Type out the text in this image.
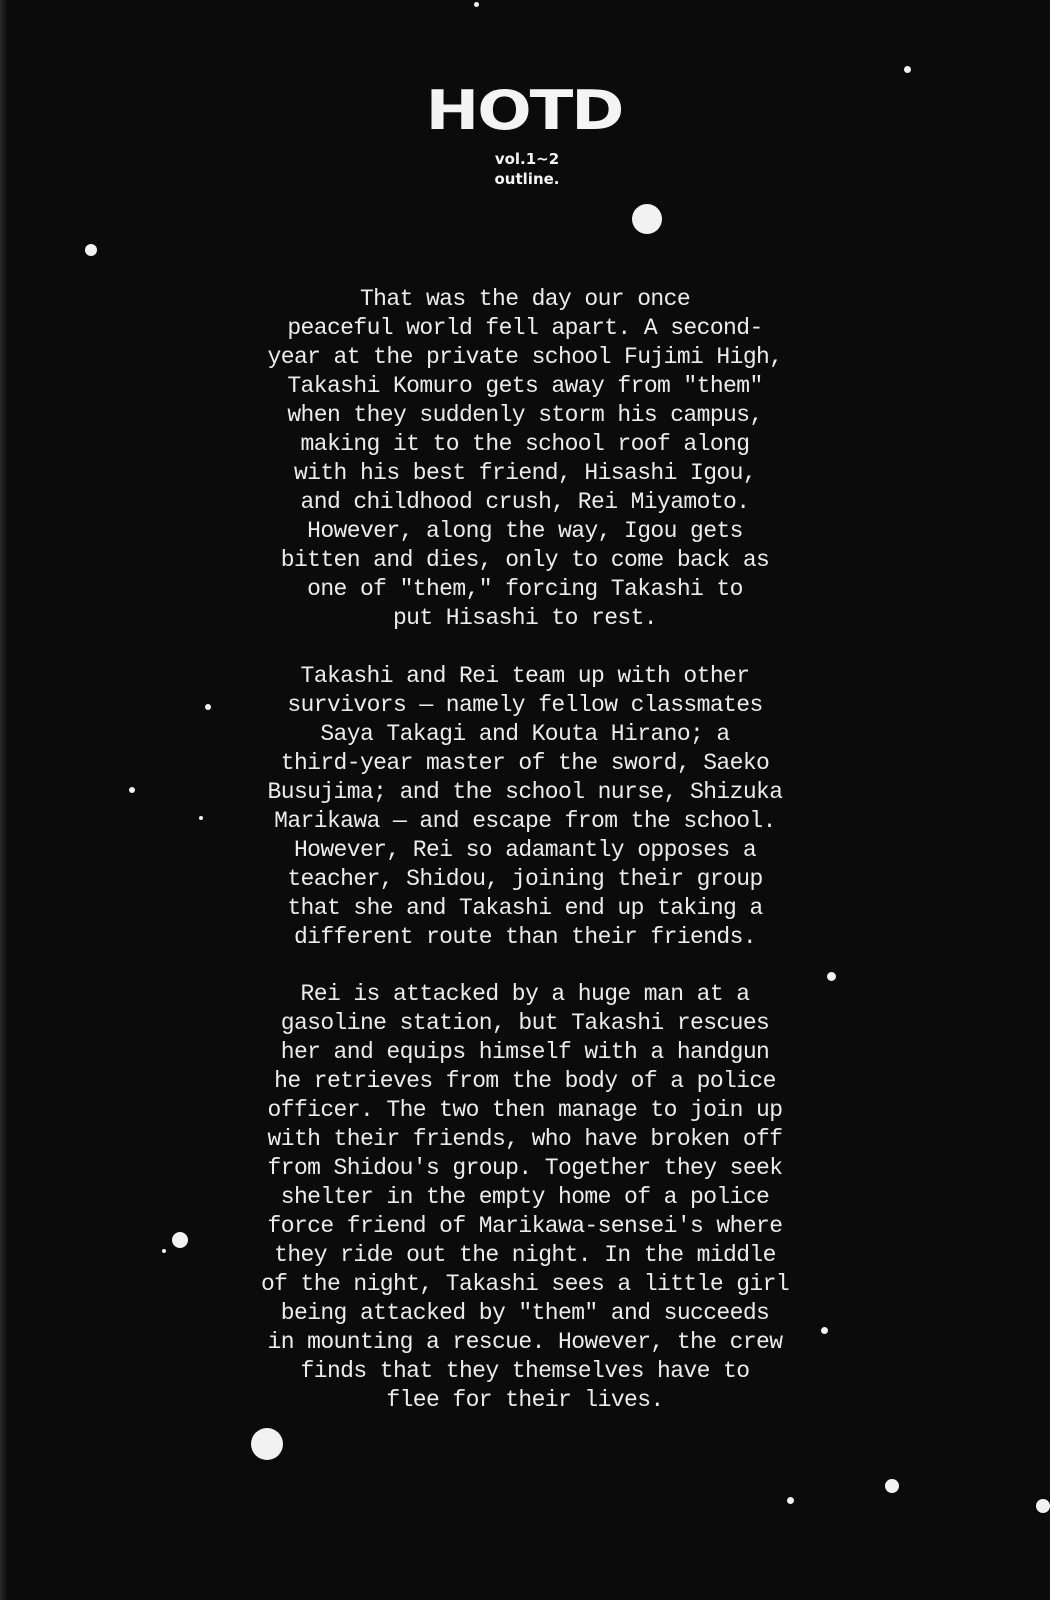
HOTD
vol.1~2
outline.
That was the day our once
peaceful world fell apart. A second-
year at the private school Fujimi High,
Takashi Komuro gets away from "them"
when they suddenly storm his campus,
making it to the school roof along
with his best friend, Hisashi Igou,
and childhood crush, Rei Miyamoto.
However, along the way, Igou gets
bitten and dies, only to come back as
one of "them," forcing Takashi to
put Hisashi to rest.
Takashi and Rei team up with other
survivors — namely fellow classmates
Saya Takagi and Kouta Hirano; a
third-year master of the sword, Saeko
Busujima; and the school nurse, Shizuka
Marikawa — and escape from the school.
However, Rei so adamantly opposes a
teacher, Shidou, joining their group
that she and Takashi end up taking a
different route than their friends.
Rei is attacked by a huge man at a
gasoline station, but Takashi rescues
her and equips himself with a handgun
he retrieves from the body of a police
officer. The two then manage to join up
with their friends, who have broken off
from Shidou's group. Together they seek
shelter in the empty home of a police
force friend of Marikawa-sensei's where
they ride out the night. In the middle
of the night, Takashi sees a little girl
being attacked by "them" and succeeds
in mounting a rescue. However, the crew
finds that they themselves have to
flee for their lives.
